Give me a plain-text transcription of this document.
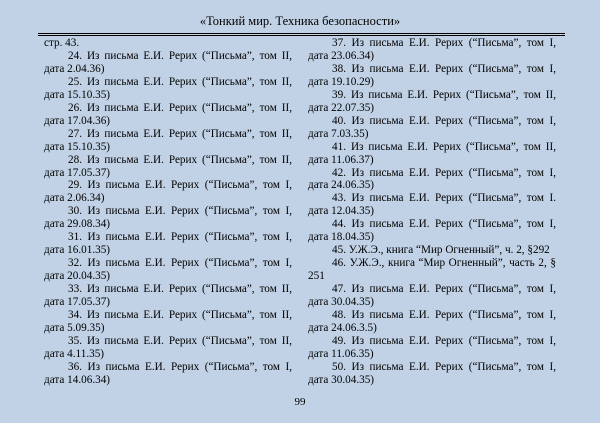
«Тонкий мир. Техника безопасности»
стр. 43.
24. Из письма Е.И. Рерих (“Письма”, том II, дата 2.04.36)
25. Из письма Е.И. Рерих (“Письма”, том II, дата 15.10.35)
26. Из письма Е.И. Рерих (“Письма”, том II, дата 17.04.36)
27. Из письма Е.И. Рерих (“Письма”, том II, дата 15.10.35)
28. Из письма Е.И. Рерих (“Письма”, том II, дата 17.05.37)
29. Из письма Е.И. Рерих (“Письма”, том I, дата 2.06.34)
30. Из письма Е.И. Рерих (“Письма”, том I, дата 29.08.34)
31. Из письма Е.И. Рерих (“Письма”, том I, дата 16.01.35)
32. Из письма Е.И. Рерих (“Письма”, том I, дата 20.04.35)
33. Из письма Е.И. Рерих (“Письма”, том II, дата 17.05.37)
34. Из письма Е.И. Рерих (“Письма”, том II, дата 5.09.35)
35. Из письма Е.И. Рерих (“Письма”, том II, дата 4.11.35)
36. Из письма Е.И. Рерих (“Письма”, том I, дата 14.06.34)
37. Из письма Е.И. Рерих (“Письма”, том I, дата 23.06.34)
38. Из письма Е.И. Рерих (“Письма”, том I, дата 19.10.29)
39. Из письма Е.И. Рерих (“Письма”, том II, дата 22.07.35)
40. Из письма Е.И. Рерих (“Письма”, том I, дата 7.03.35)
41. Из письма Е.И. Рерих (“Письма”, том II, дата 11.06.37)
42. Из письма Е.И. Рерих (“Письма”, том I, дата 24.06.35)
43. Из письма Е.И. Рерих (“Письма”, том I. дата 12.04.35)
44. Из письма Е.И. Рерих (“Письма”, том I, дата 18.04.35)
45. У.Ж.Э., книга “Мир Огненный”, ч. 2, §292
46. У.Ж.Э., книга “Мир Огненный”, часть 2, § 251
47. Из письма Е.И. Рерих (“Письма”, том I, дата 30.04.35)
48. Из письма Е.И. Рерих (“Письма”, том I, дата 24.06.3.5)
49. Из письма Е.И. Рерих (“Письма”, том I, дата 11.06.35)
50. Из письма Е.И. Рерих (“Письма”, том I, дата 30.04.35)
99
